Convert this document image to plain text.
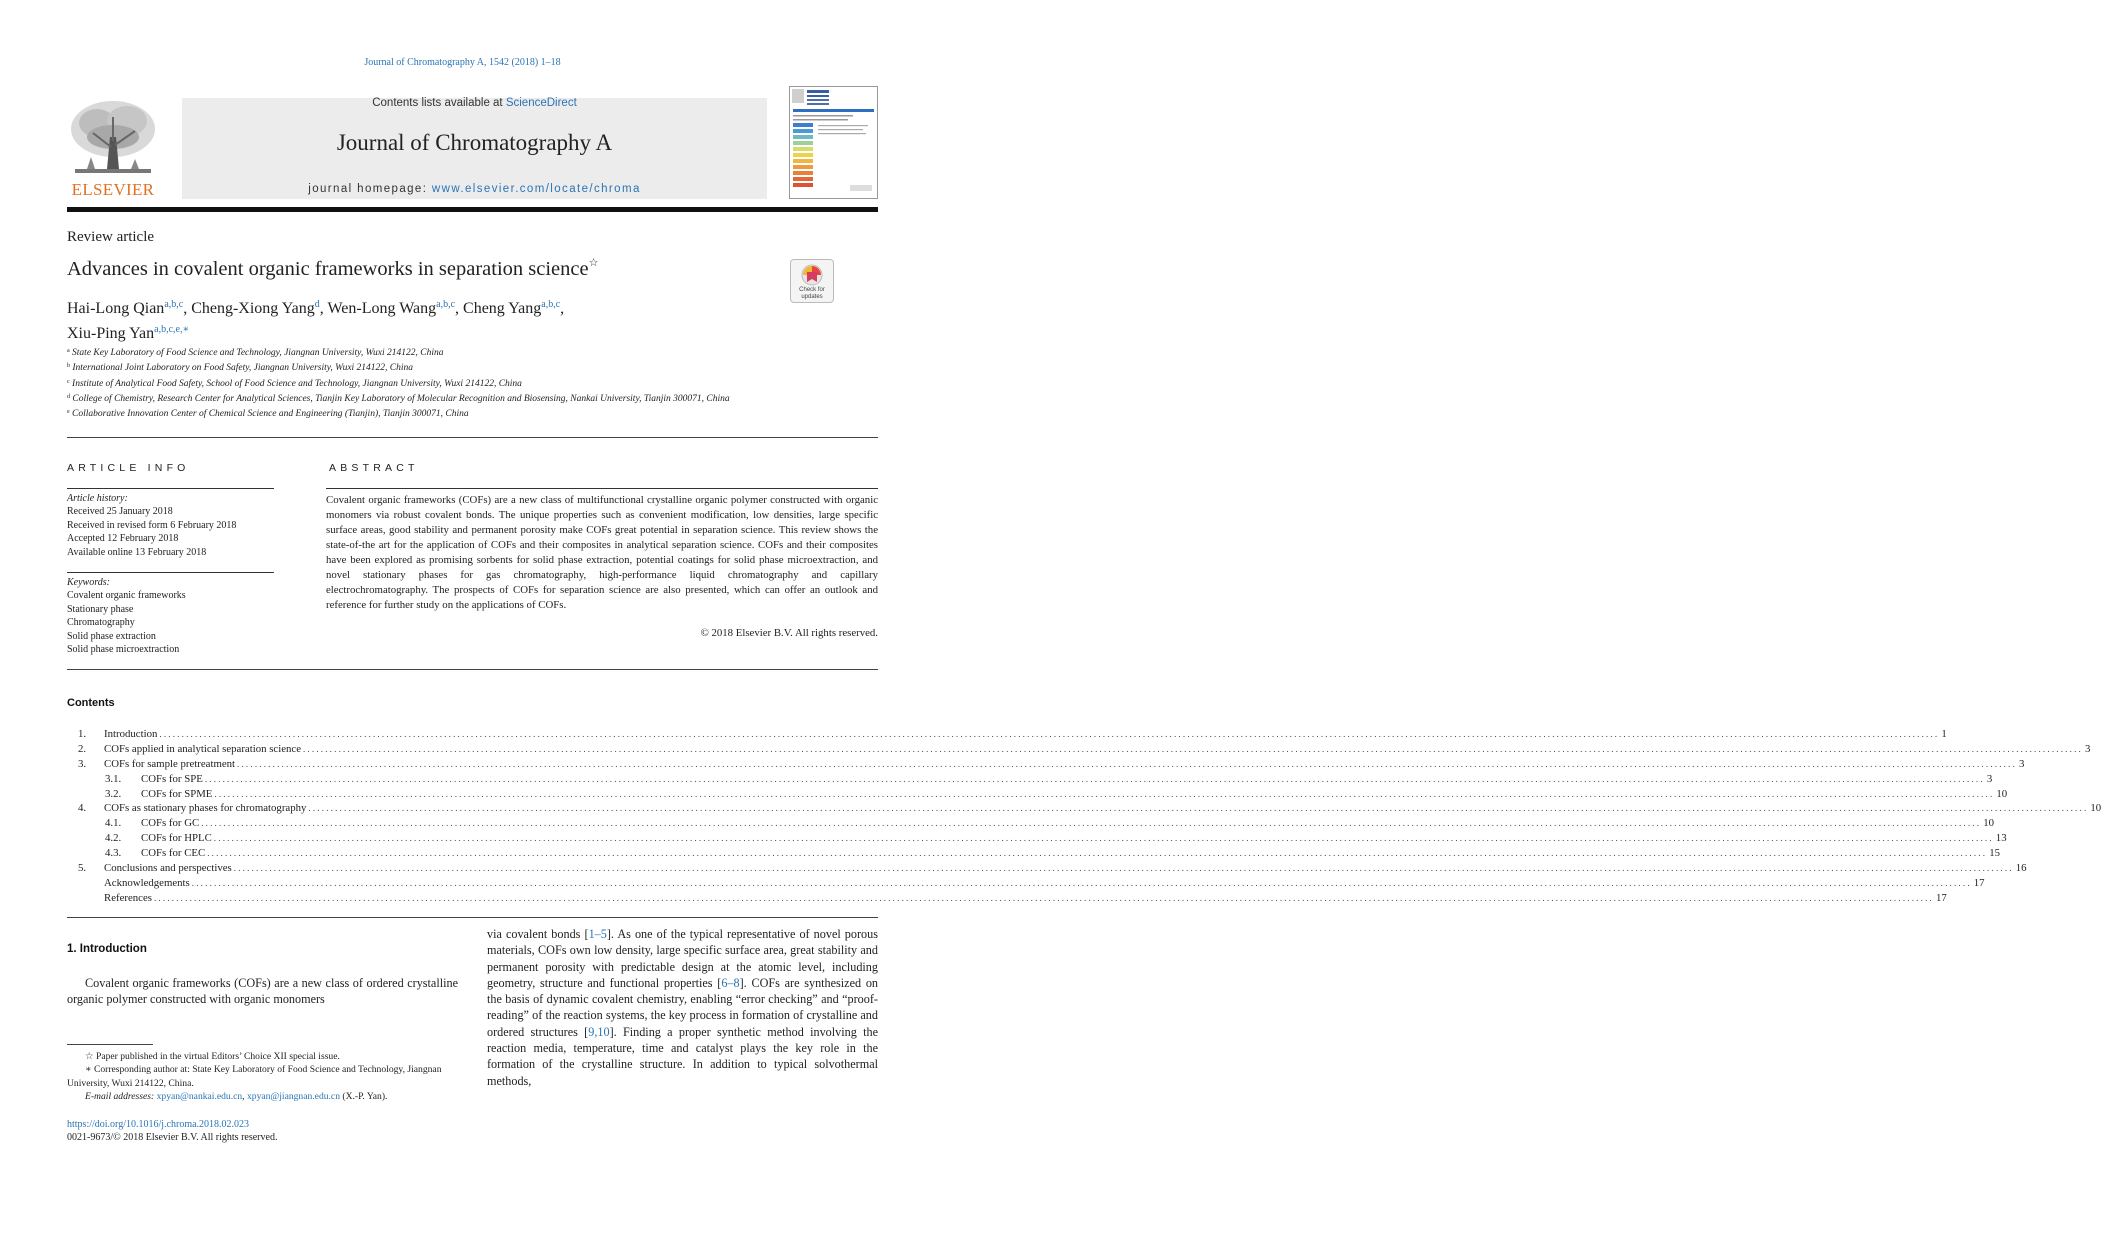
Journal of Chromatography A, 1542 (2018) 1–18
Contents lists available at ScienceDirect
Journal of Chromatography A
journal homepage: www.elsevier.com/locate/chroma
ELSEVIER
Review article
Advances in covalent organic frameworks in separation science☆
Check for updates
Hai-Long Qian$^{a,b,c}$, Cheng-Xiong Yang$^d$, Wen-Long Wang$^{a,b,c}$, Cheng Yang$^{a,b,c}$,
Xiu-Ping Yan$^{a,b,c,e,∗}$
$^a$ State Key Laboratory of Food Science and Technology, Jiangnan University, Wuxi 214122, China
$^b$ International Joint Laboratory on Food Safety, Jiangnan University, Wuxi 214122, China
$^c$ Institute of Analytical Food Safety, School of Food Science and Technology, Jiangnan University, Wuxi 214122, China
$^d$ College of Chemistry, Research Center for Analytical Sciences, Tianjin Key Laboratory of Molecular Recognition and Biosensing, Nankai University, Tianjin 300071, China
$^e$ Collaborative Innovation Center of Chemical Science and Engineering (Tianjin), Tianjin 300071, China
ARTICLE INFO
Article history:
Received 25 January 2018
Received in revised form 6 February 2018
Accepted 12 February 2018
Available online 13 February 2018
Keywords:
Covalent organic frameworks
Stationary phase
Chromatography
Solid phase extraction
Solid phase microextraction
ABSTRACT
Covalent organic frameworks (COFs) are a new class of multifunctional crystalline organic polymer constructed with organic monomers via robust covalent bonds. The unique properties such as convenient modification, low densities, large specific surface areas, good stability and permanent porosity make COFs great potential in separation science. This review shows the state-of-the art for the application of COFs and their composites in analytical separation science. COFs and their composites have been explored as promising sorbents for solid phase extraction, potential coatings for solid phase microextraction, and novel stationary phases for gas chromatography, high-performance liquid chromatography and capillary electrochromatography. The prospects of COFs for separation science are also presented, which can offer an outlook and reference for further study on the applications of COFs.
© 2018 Elsevier B.V. All rights reserved.
Contents
1.	Introduction ................................................................................................................................................................................................................................................................................................................................................................................................................ 1
2.	COFs applied in analytical separation science ................................................................................................................................................................................................................................................................................................................................................................................................................ 3
3.	COFs for sample pretreatment ................................................................................................................................................................................................................................................................................................................................................................................................................ 3
3.1.	COFs for SPE ................................................................................................................................................................................................................................................................................................................................................................................................................ 3
3.2.	COFs for SPME ................................................................................................................................................................................................................................................................................................................................................................................................................ 10
4.	COFs as stationary phases for chromatography ................................................................................................................................................................................................................................................................................................................................................................................................................ 10
4.1.	COFs for GC ................................................................................................................................................................................................................................................................................................................................................................................................................ 10
4.2.	COFs for HPLC ................................................................................................................................................................................................................................................................................................................................................................................................................ 13
4.3.	COFs for CEC ................................................................................................................................................................................................................................................................................................................................................................................................................ 15
5.	Conclusions and perspectives ................................................................................................................................................................................................................................................................................................................................................................................................................ 16
Acknowledgements ................................................................................................................................................................................................................................................................................................................................................................................................................ 17
References ................................................................................................................................................................................................................................................................................................................................................................................................................ 17
1. Introduction
Covalent organic frameworks (COFs) are a new class of ordered crystalline organic polymer constructed with organic monomers
via covalent bonds [1–5]. As one of the typical representative of novel porous materials, COFs own low density, large specific surface area, great stability and permanent porosity with predictable design at the atomic level, including geometry, structure and functional properties [6–8]. COFs are synthesized on the basis of dynamic covalent chemistry, enabling “error checking” and “proof-reading” of the reaction systems, the key process in formation of crystalline and ordered structures [9,10]. Finding a proper synthetic method involving the reaction media, temperature, time and catalyst plays the key role in the formation of the crystalline structure. In addition to typical solvothermal methods,

☆ Paper published in the virtual Editors’ Choice XII special issue.

∗ Corresponding author at: State Key Laboratory of Food Science and Technology, Jiangnan University, Wuxi 214122, China.

E-mail addresses: xpyan@nankai.edu.cn, xpyan@jiangnan.edu.cn (X.-P. Yan).

https://doi.org/10.1016/j.chroma.2018.02.023
0021-9673/© 2018 Elsevier B.V. All rights reserved.
